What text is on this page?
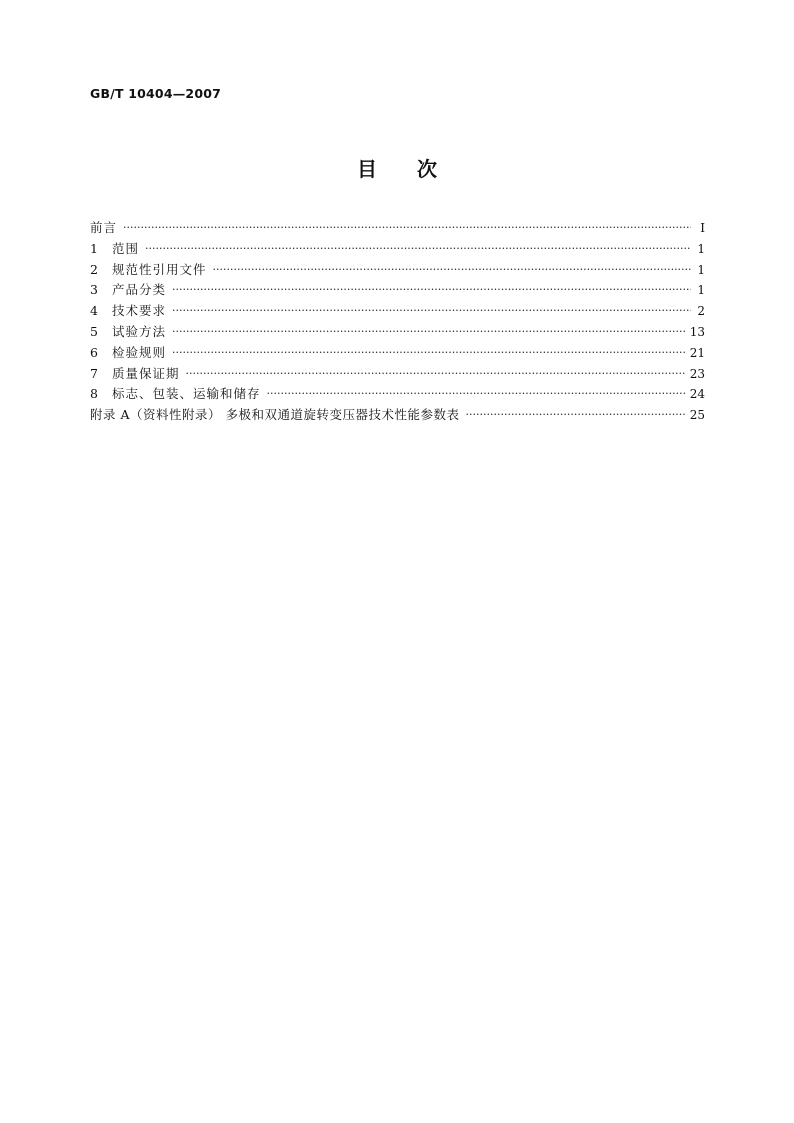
GB/T 10404—2007
目次
前言 ·····	I
1	范围 ·····	1
2	规范性引用文件 ·····	1
3	产品分类 ·····	1
4	技术要求 ·····	2
5	试验方法 ·····	13
6	检验规则 ·····	21
7	质量保证期 ·····	23
8	标志、包装、运输和储存 ·····	24
附录 A（资料性附录） 多极和双通道旋转变压器技术性能参数表 ·····	25
